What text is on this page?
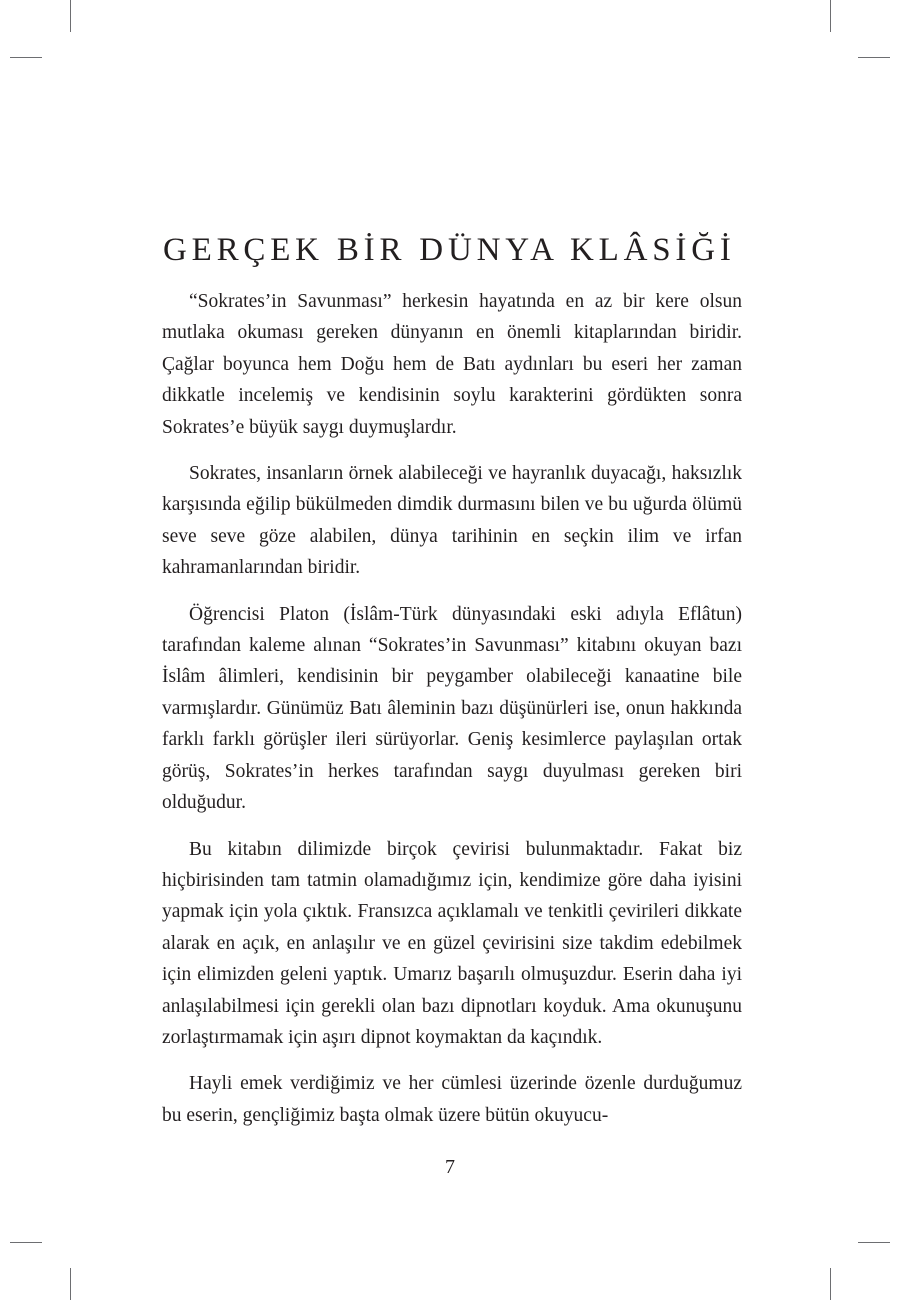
GERÇEK BİR DÜNYA KLÂSİĞİ

“Sokrates’in Savunması” herkesin hayatında en az bir kere olsun mutlaka okuması gereken dünyanın en önemli kitaplarından biridir. Çağlar boyunca hem Doğu hem de Batı aydınları bu eseri her zaman dikkatle incelemiş ve kendisinin soylu karakterini gördükten sonra Sokrates’e büyük saygı duymuşlardır.

Sokrates, insanların örnek alabileceği ve hayranlık duyacağı, haksızlık karşısında eğilip bükülmeden dimdik durmasını bilen ve bu uğurda ölümü seve seve göze alabilen, dünya tarihinin en seçkin ilim ve irfan kahramanlarından biridir.

Öğrencisi Platon (İslâm-Türk dünyasındaki eski adıyla Eflâtun) tarafından kaleme alınan “Sokrates’in Savunması” kitabını okuyan bazı İslâm âlimleri, kendisinin bir peygamber olabileceği kanaatine bile varmışlardır. Günümüz Batı âleminin bazı düşünürleri ise, onun hakkında farklı farklı görüşler ileri sürüyorlar. Geniş kesimlerce paylaşılan ortak görüş, Sokrates’in herkes tarafından saygı duyulması gereken biri olduğudur.

Bu kitabın dilimizde birçok çevirisi bulunmaktadır. Fakat biz hiçbirisinden tam tatmin olamadığımız için, kendimize göre daha iyisini yapmak için yola çıktık. Fransızca açıklamalı ve tenkitli çevirileri dikkate alarak en açık, en anlaşılır ve en güzel çevirisini size takdim edebilmek için elimizden geleni yaptık. Umarız başarılı olmuşuzdur. Eserin daha iyi anlaşılabilmesi için gerekli olan bazı dipnotları koyduk. Ama okunuşunu zorlaştırmamak için aşırı dipnot koymaktan da kaçındık.

Hayli emek verdiğimiz ve her cümlesi üzerinde özenle durduğumuz bu eserin, gençliğimiz başta olmak üzere bütün okuyucu-

7
